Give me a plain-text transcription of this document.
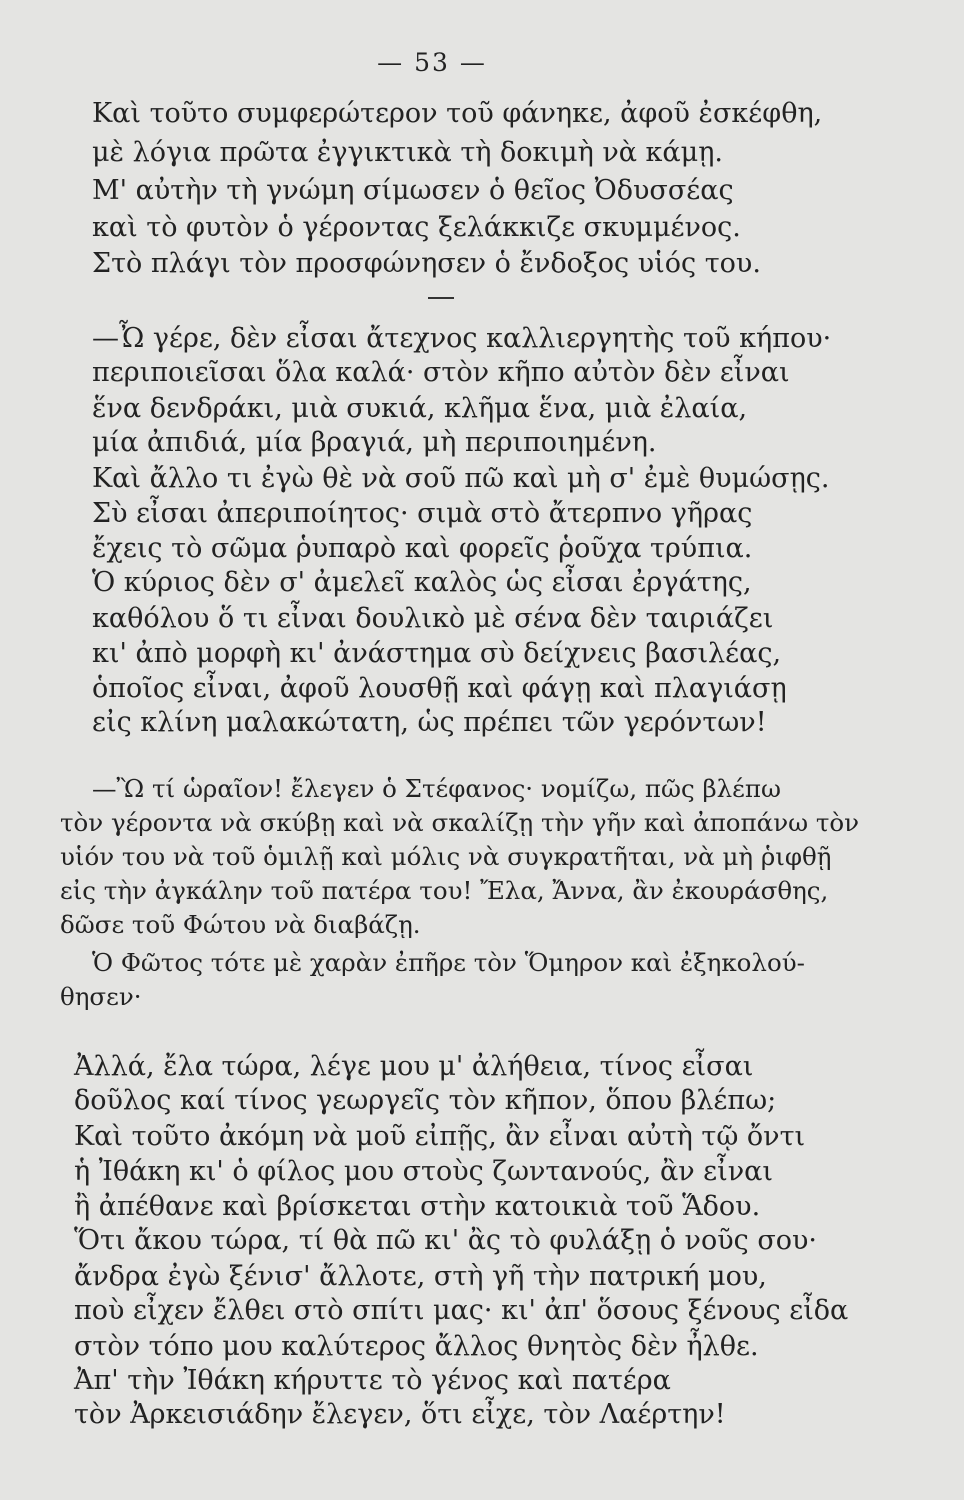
— 53 —
Καὶ τοῦτο συμφερώτερον τοῦ φάνηκε, ἀφοῦ ἐσκέφθη,
μὲ λόγια πρῶτα ἐγγικτικὰ τὴ δοκιμὴ νὰ κάμῃ.
Μ' αὐτὴν τὴ γνώμη σίμωσεν ὁ θεῖος Ὀδυσσέας
καὶ τὸ φυτὸν ὁ γέροντας ξελάκκιζε σκυμμένος.
Στὸ πλάγι τὸν προσφώνησεν ὁ ἔνδοξος υἱός του.
—Ὦ γέρε, δὲν εἶσαι ἄτεχνος καλλιεργητὴς τοῦ κήπου·
περιποιεῖσαι ὅλα καλά· στὸν κῆπο αὐτὸν δὲν εἶναι
ἕνα δενδράκι, μιὰ συκιά, κλῆμα ἕνα, μιὰ ἐλαία,
μία ἀπιδιά, μία βραγιά, μὴ περιποιημένη.
Καὶ ἄλλο τι ἐγὼ θὲ νὰ σοῦ πῶ καὶ μὴ σ' ἐμὲ θυμώσῃς.
Σὺ εἶσαι ἀπεριποίητος· σιμὰ στὸ ἄτερπνο γῆρας
ἔχεις τὸ σῶμα ῥυπαρὸ καὶ φορεῖς ῥοῦχα τρύπια.
Ὁ κύριος δὲν σ' ἀμελεῖ καλὸς ὡς εἶσαι ἐργάτης,
καθόλου ὅ τι εἶναι δουλικὸ μὲ σένα δὲν ταιριάζει
κι' ἀπὸ μορφὴ κι' ἀνάστημα σὺ δείχνεις βασιλέας,
ὁποῖος εἶναι, ἀφοῦ λουσθῇ καὶ φάγῃ καὶ πλαγιάσῃ
εἰς κλίνη μαλακώτατη, ὡς πρέπει τῶν γερόντων!
—Ὢ τί ὡραῖον! ἔλεγεν ὁ Στέφανος· νομίζω, πῶς βλέπω
τὸν γέροντα νὰ σκύβῃ καὶ νὰ σκαλίζῃ τὴν γῆν καὶ ἀποπάνω τὸν
υἱόν του νὰ τοῦ ὁμιλῇ καὶ μόλις νὰ συγκρατῆται, νὰ μὴ ῥιφθῇ
εἰς τὴν ἀγκάλην τοῦ πατέρα του! Ἔλα, Ἄννα, ἂν ἐκουράσθης,
δῶσε τοῦ Φώτου νὰ διαβάζῃ.
Ὁ Φῶτος τότε μὲ χαρὰν ἐπῆρε τὸν Ὅμηρον καὶ ἐξηκολού-
θησεν·
Ἀλλά, ἔλα τώρα, λέγε μου μ' ἀλήθεια, τίνος εἶσαι
δοῦλος καί τίνος γεωργεῖς τὸν κῆπον, ὅπου βλέπω;
Καὶ τοῦτο ἀκόμη νὰ μοῦ εἰπῇς, ἂν εἶναι αὐτὴ τῷ ὄντι
ἡ Ἰθάκη κι' ὁ φίλος μου στοὺς ζωντανούς, ἂν εἶναι
ἢ ἀπέθανε καὶ βρίσκεται στὴν κατοικιὰ τοῦ Ἅδου.
Ὅτι ἄκου τώρα, τί θὰ πῶ κι' ἂς τὸ φυλάξῃ ὁ νοῦς σου·
ἄνδρα ἐγὼ ξένισ' ἄλλοτε, στὴ γῆ τὴν πατρική μου,
ποὺ εἶχεν ἔλθει στὸ σπίτι μας· κι' ἀπ' ὅσους ξένους εἶδα
στὸν τόπο μου καλύτερος ἄλλος θνητὸς δὲν ἦλθε.
Ἀπ' τὴν Ἰθάκη κήρυττε τὸ γένος καὶ πατέρα
τὸν Ἀρκεισιάδην ἔλεγεν, ὅτι εἶχε, τὸν Λαέρτην!
